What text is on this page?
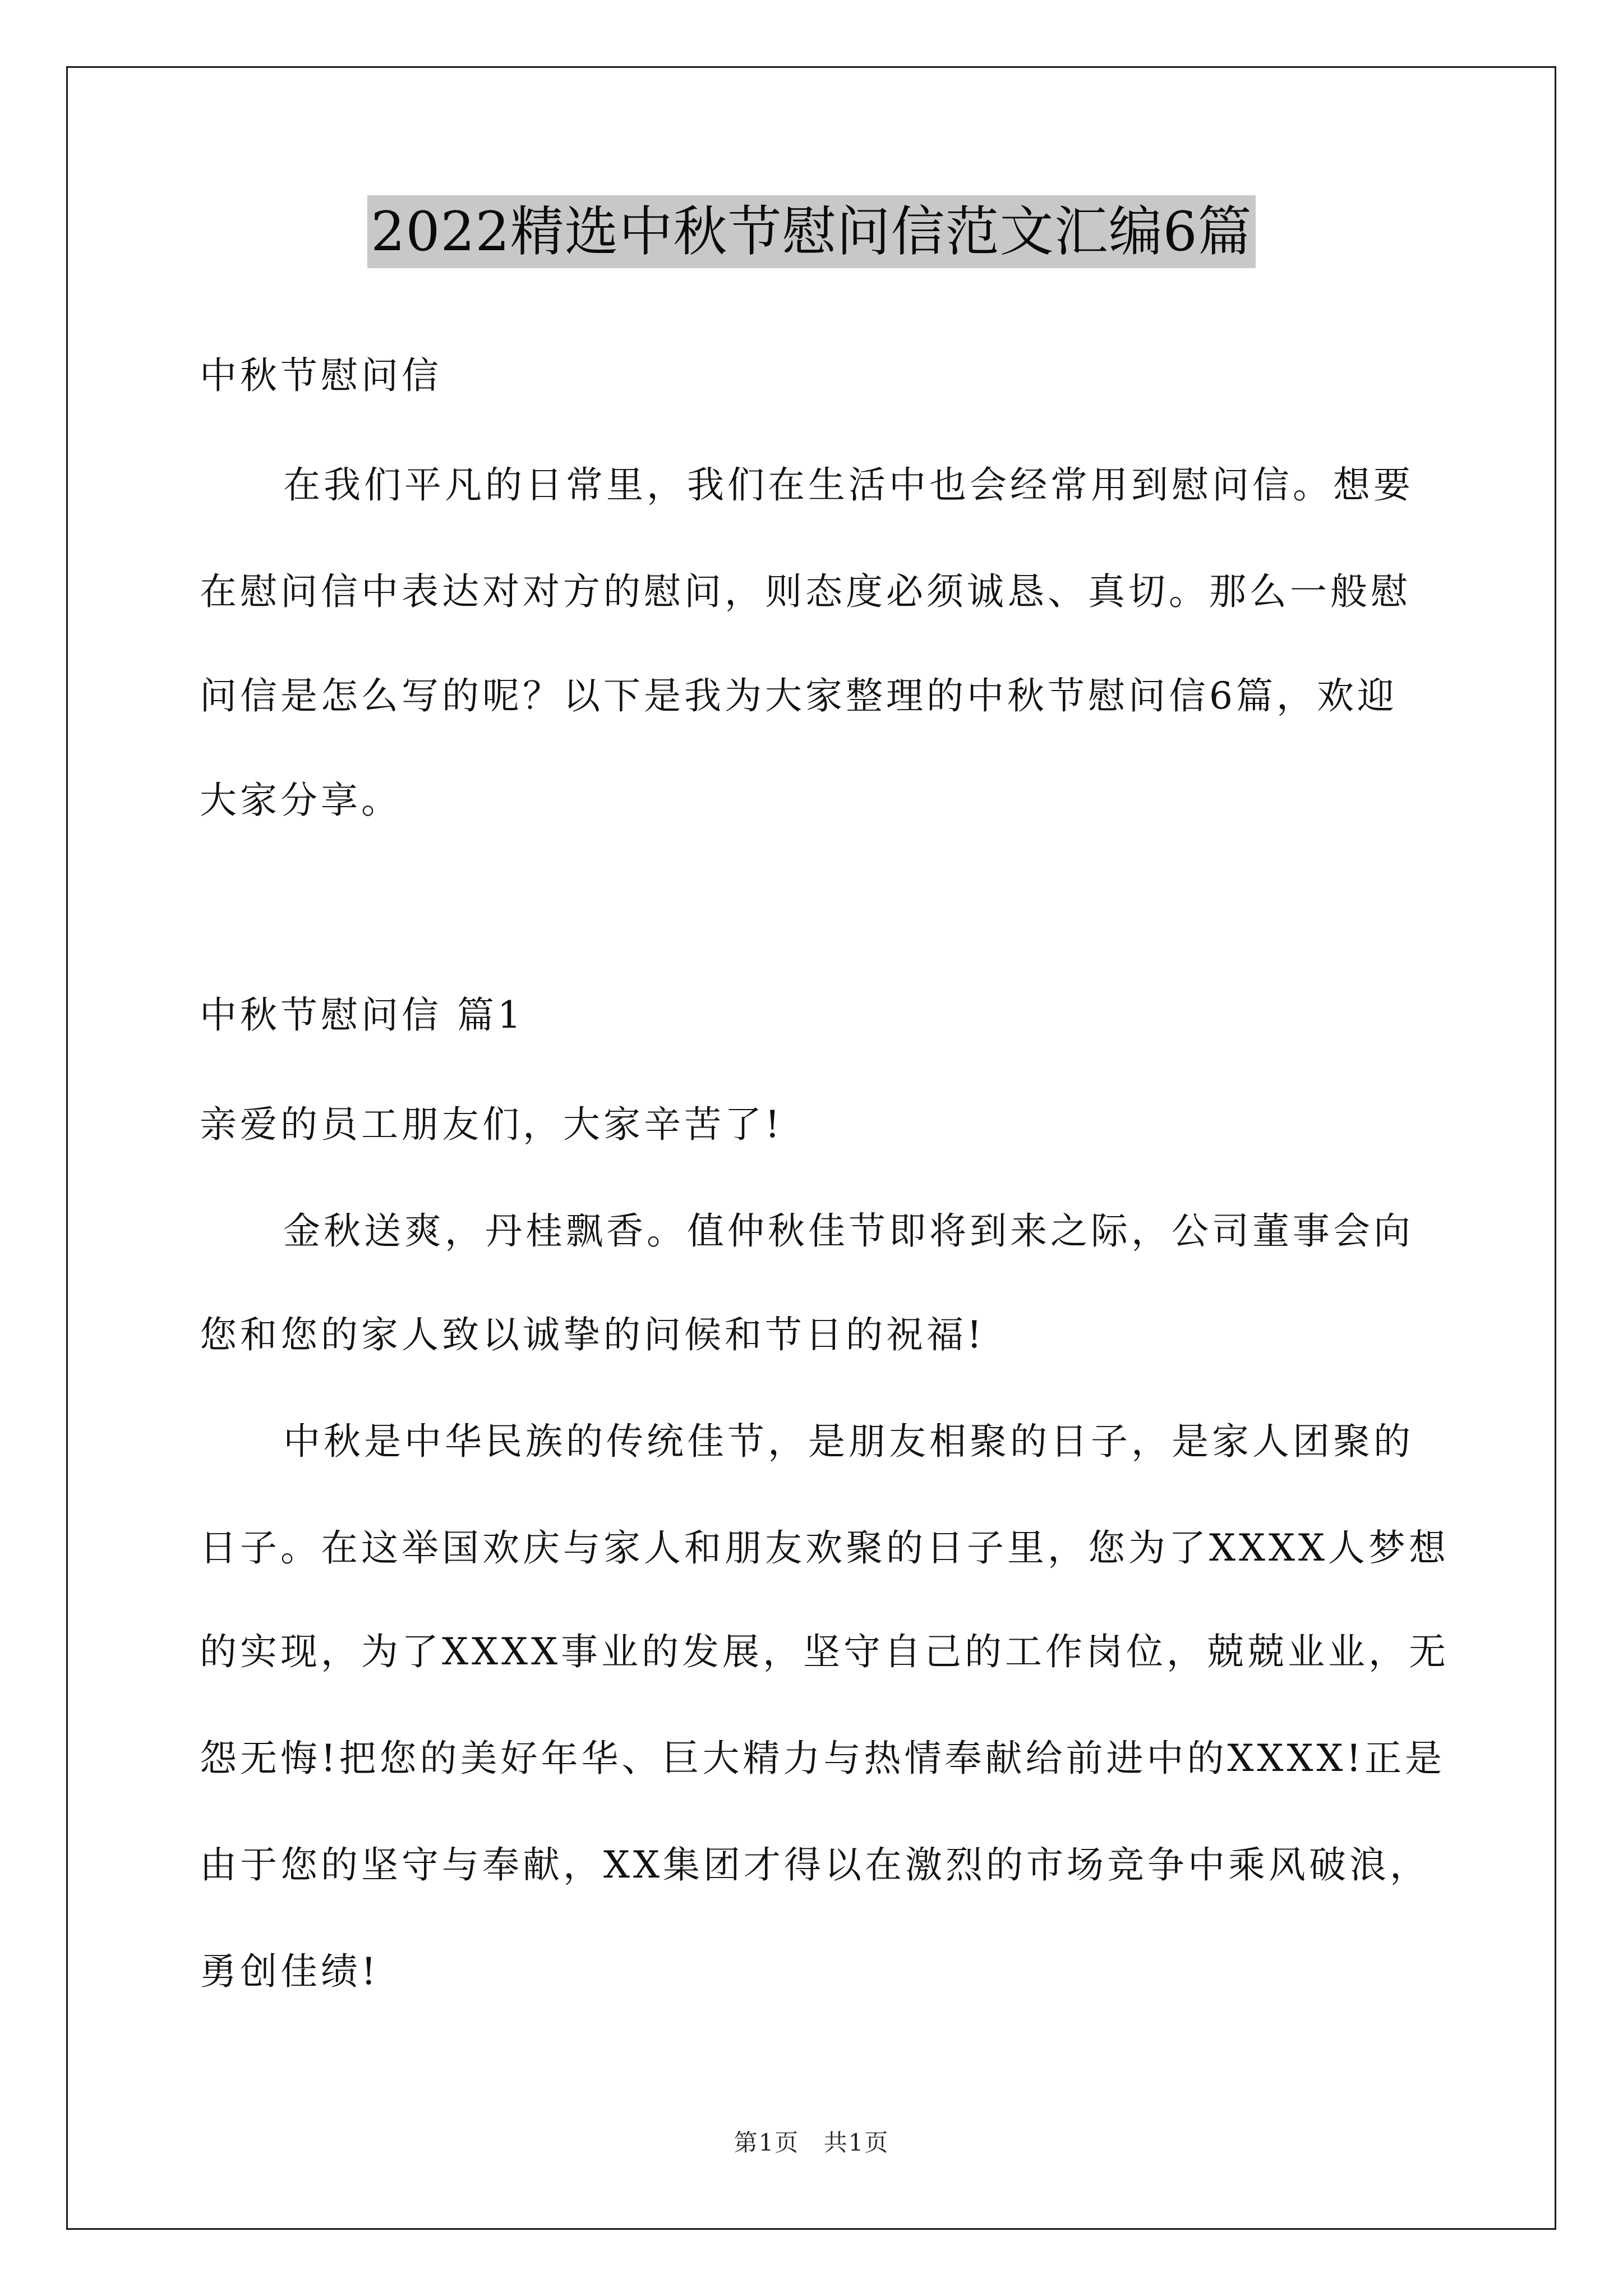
2022精选中秋节慰问信范文汇编6篇
中秋节慰问信
在我们平凡的日常里，我们在生活中也会经常用到慰问信。想要
在慰问信中表达对对方的慰问，则态度必须诚恳、真切。那么一般慰
问信是怎么写的呢？以下是我为大家整理的中秋节慰问信6篇，欢迎
大家分享。
中秋节慰问信 篇1
亲爱的员工朋友们，大家辛苦了!
金秋送爽，丹桂飘香。值仲秋佳节即将到来之际，公司董事会向
您和您的家人致以诚挚的问候和节日的祝福!
中秋是中华民族的传统佳节，是朋友相聚的日子，是家人团聚的
日子。在这举国欢庆与家人和朋友欢聚的日子里，您为了XXXX人梦想
的实现，为了XXXX事业的发展，坚守自己的工作岗位，兢兢业业，无
怨无悔!把您的美好年华、巨大精力与热情奉献给前进中的XXXX!正是
由于您的坚守与奉献，XX集团才得以在激烈的市场竞争中乘风破浪，
勇创佳绩!
第1页 共1页
